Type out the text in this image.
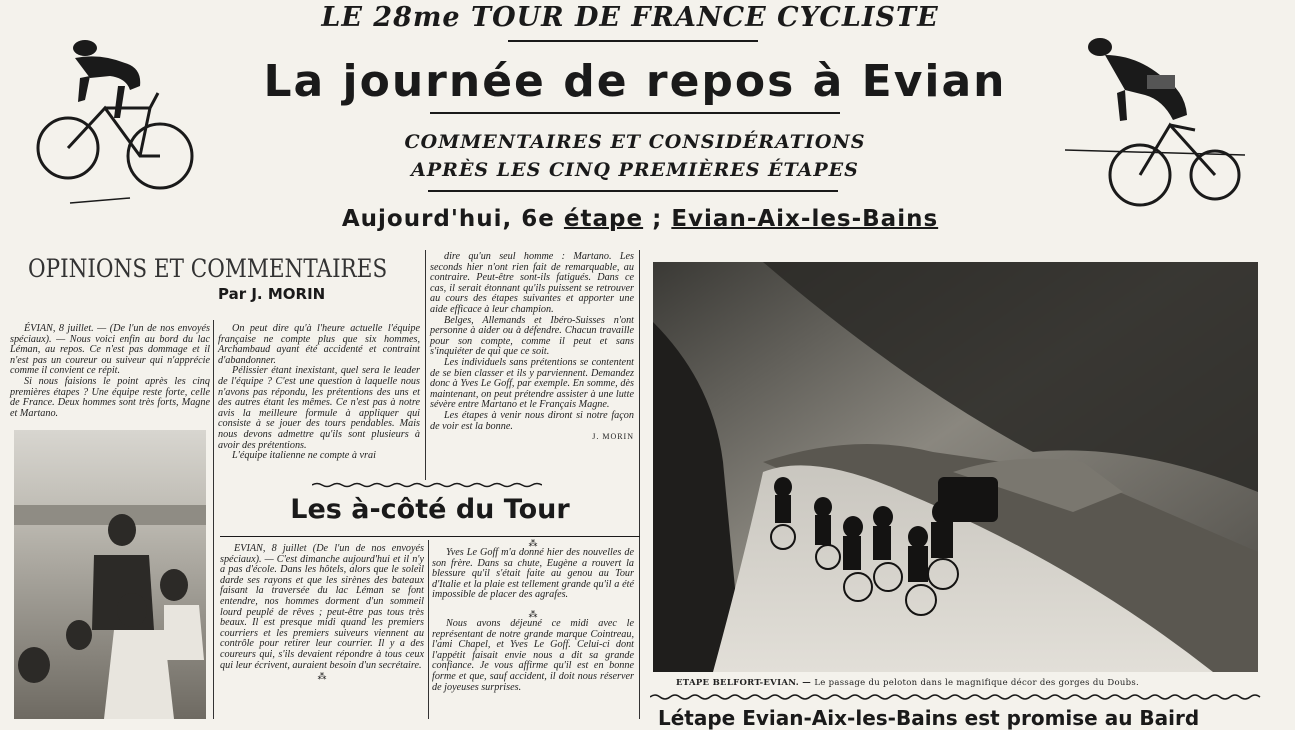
LE 28me TOUR DE FRANCE CYCLISTE
La journée de repos à Evian
COMMENTAIRES ET CONSIDÉRATIONS
APRÈS LES CINQ PREMIÈRES ÉTAPES
Aujourd'hui, 6e étape ; Evian-Aix-les-Bains
OPINIONS ET COMMENTAIRES
Par J. MORIN

ÉVIAN, 8 juillet. — (De l'un de nos envoyés spéciaux). — Nous voici enfin au bord du lac Léman, au repos. Ce n'est pas dommage et il n'est pas un coureur ou suiveur qui n'apprécie comme il convient ce répit.

Si nous faisions le point après les cinq premières étapes ? Une équipe reste forte, celle de France. Deux hommes sont très forts, Magne et Martano.

On peut dire qu'à l'heure actuelle l'équipe française ne compte plus que six hommes, Archambaud ayant été accidenté et contraint d'abandonner.

Pélissier étant inexistant, quel sera le leader de l'équipe ? C'est une question à laquelle nous n'avons pas répondu, les prétentions des uns et des autres étant les mêmes. Ce n'est pas à notre avis la meilleure formule à appliquer qui consiste à se jouer des tours pendables. Mais nous devons admettre qu'ils sont plusieurs à avoir des prétentions.

L'équipe italienne ne compte à vrai

dire qu'un seul homme : Martano. Les seconds hier n'ont rien fait de remarquable, au contraire. Peut-être sont-ils fatigués. Dans ce cas, il serait étonnant qu'ils puissent se retrouver au cours des étapes suivantes et apporter une aide efficace à leur champion.

Belges, Allemands et Ibéro-Suisses n'ont personne à aider ou à défendre. Chacun travaille pour son compte, comme il peut et sans s'inquiéter de qui que ce soit.

Les individuels sans prétentions se contentent de se bien classer et ils y parviennent. Demandez donc à Yves Le Goff, par exemple. En somme, dès maintenant, on peut prétendre assister à une lutte sévère entre Martano et le Français Magne.

Les étapes à venir nous diront si notre façon de voir est la bonne.

J. MORIN
Les à-côté du Tour

EVIAN, 8 juillet (De l'un de nos envoyés spéciaux). — C'est dimanche aujourd'hui et il n'y a pas d'école. Dans les hôtels, alors que le soleil darde ses rayons et que les sirènes des bateaux faisant la traversée du lac Léman se font entendre, nos hommes dorment d'un sommeil lourd peuplé de rêves ; peut-être pas tous très beaux. Il est presque midi quand les premiers courriers et les premiers suiveurs viennent au contrôle pour retirer leur courrier. Il y a des coureurs qui, s'ils devaient répondre à tous ceux qui leur écrivent, auraient besoin d'un secrétaire.

⁂
⁂

Yves Le Goff m'a donné hier des nouvelles de son frère. Dans sa chute, Eugène a rouvert la blessure qu'il s'était faite au genou au Tour d'Italie et la plaie est tellement grande qu'il a été impossible de placer des agrafes.

⁂

Nous avons déjeuné ce midi avec le représentant de notre grande marque Cointreau, l'ami Chapel, et Yves Le Goff. Celui-ci dont l'appétit faisait envie nous a dit sa grande confiance. Je vous affirme qu'il est en bonne forme et que, sauf accident, il doit nous réserver de joyeuses surprises.	ETAPE BELFORT-EVIAN. — Le passage du peloton dans le magnifique décor des gorges du Doubs.
Létape Evian-Aix-les-Bains est promise au Baird
